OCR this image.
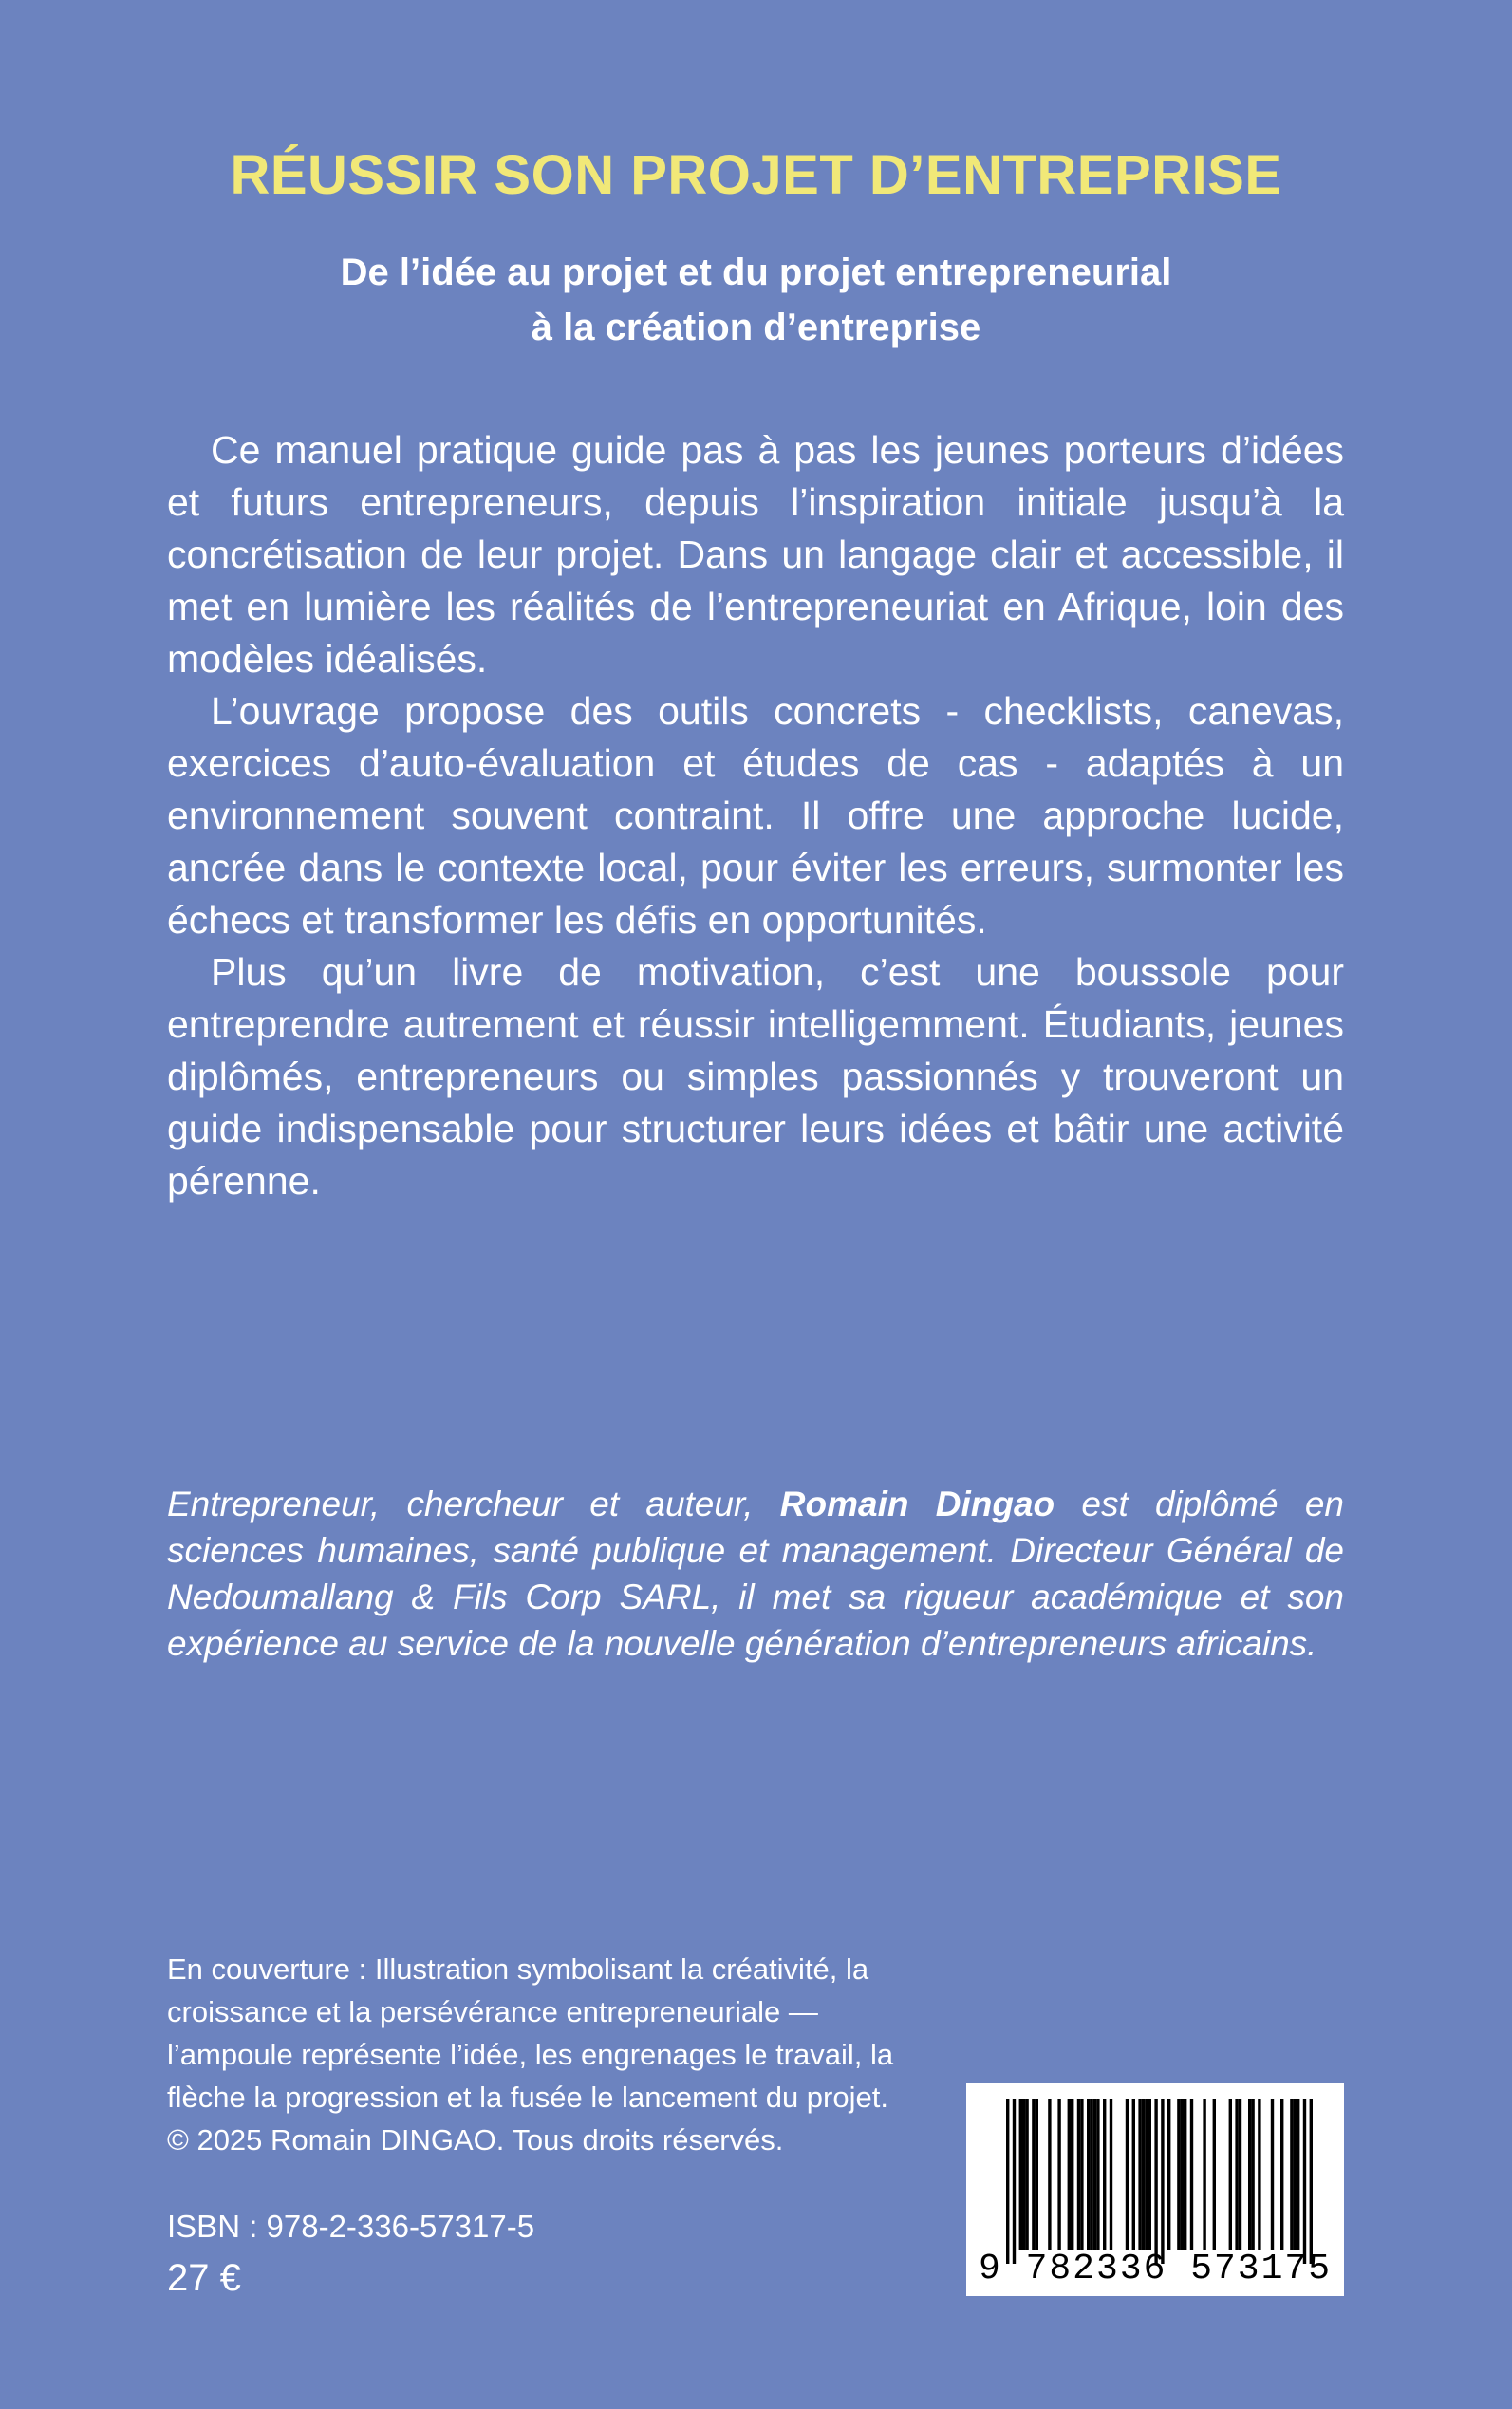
RÉUSSIR SON PROJET D’ENTREPRISE
De l’idée au projet et du projet entrepreneurial
à la création d’entreprise

Ce manuel pratique guide pas à pas les jeunes porteurs d’idées et futurs entrepreneurs, depuis l’inspiration initiale jusqu’à la concrétisation de leur projet. Dans un langage clair et accessible, il met en lumière les réalités de l’entrepreneuriat en Afrique, loin des modèles idéalisés.

L’ouvrage propose des outils concrets - checklists, canevas, exercices d’auto-évaluation et études de cas - adaptés à un environnement souvent contraint. Il offre une approche lucide, ancrée dans le contexte local, pour éviter les erreurs, surmonter les échecs et transformer les défis en opportunités.

Plus qu’un livre de motivation, c’est une boussole pour entreprendre autrement et réussir intelligemment. Étudiants, jeunes diplômés, entrepreneurs ou simples passionnés y trouveront un guide indispensable pour structurer leurs idées et bâtir une activité pérenne.

Entrepreneur, chercheur et auteur, Romain Dingao est diplômé en sciences humaines, santé publique et management. Directeur Général de Nedoumallang & Fils Corp SARL, il met sa rigueur académique et son expérience au service de la nouvelle génération d’entrepreneurs africains.
En couverture : Illustration symbolisant la créativité, la croissance et la persévérance entrepreneuriale — l’ampoule représente l’idée, les engrenages le travail, la flèche la progression et la fusée le lancement du projet. © 2025 Romain DINGAO. Tous droits réservés.
ISBN : 978-2-336-57317-5
27 €	9 782336 573175
